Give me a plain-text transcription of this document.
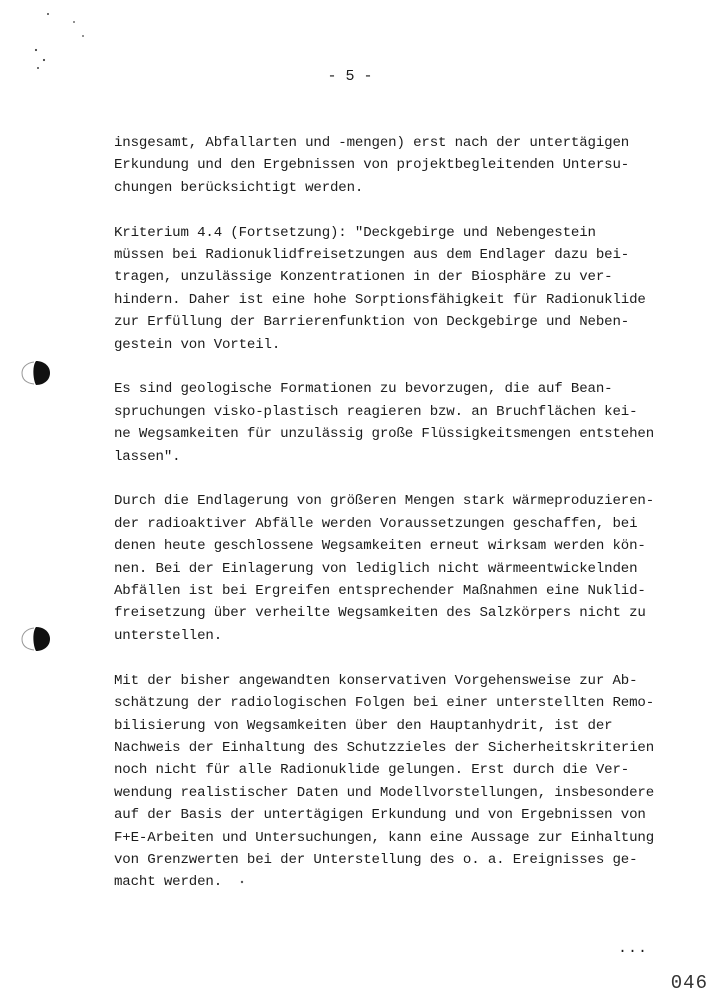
- 5 -
insgesamt, Abfallarten und -mengen) erst nach der untertägigen
Erkundung und den Ergebnissen von projektbegleitenden Untersu-
chungen berücksichtigt werden.
Kriterium 4.4 (Fortsetzung): "Deckgebirge und Nebengestein
müssen bei Radionuklidfreisetzungen aus dem Endlager dazu bei-
tragen, unzulässige Konzentrationen in der Biosphäre zu ver-
hindern. Daher ist eine hohe Sorptionsfähigkeit für Radionuklide
zur Erfüllung der Barrierenfunktion von Deckgebirge und Neben-
gestein von Vorteil.
Es sind geologische Formationen zu bevorzugen, die auf Bean-
spruchungen visko-plastisch reagieren bzw. an Bruchflächen kei-
ne Wegsamkeiten für unzulässig große Flüssigkeitsmengen entstehen
lassen".
Durch die Endlagerung von größeren Mengen stark wärmeproduzieren-
der radioaktiver Abfälle werden Voraussetzungen geschaffen, bei
denen heute geschlossene Wegsamkeiten erneut wirksam werden kön-
nen. Bei der Einlagerung von lediglich nicht wärmeentwickelnden
Abfällen ist bei Ergreifen entsprechender Maßnahmen eine Nuklid-
freisetzung über verheilte Wegsamkeiten des Salzkörpers nicht zu
unterstellen.
Mit der bisher angewandten konservativen Vorgehensweise zur Ab-
schätzung der radiologischen Folgen bei einer unterstellten Remo-
bilisierung von Wegsamkeiten über den Hauptanhydrit, ist der
Nachweis der Einhaltung des Schutzzieles der Sicherheitskriterien
noch nicht für alle Radionuklide gelungen. Erst durch die Ver-
wendung realistischer Daten und Modellvorstellungen, insbesondere
auf der Basis der untertägigen Erkundung und von Ergebnissen von
F+E-Arbeiten und Untersuchungen, kann eine Aussage zur Einhaltung
von Grenzwerten bei der Unterstellung des o. a. Ereignisses ge-
macht werden.
...
046
